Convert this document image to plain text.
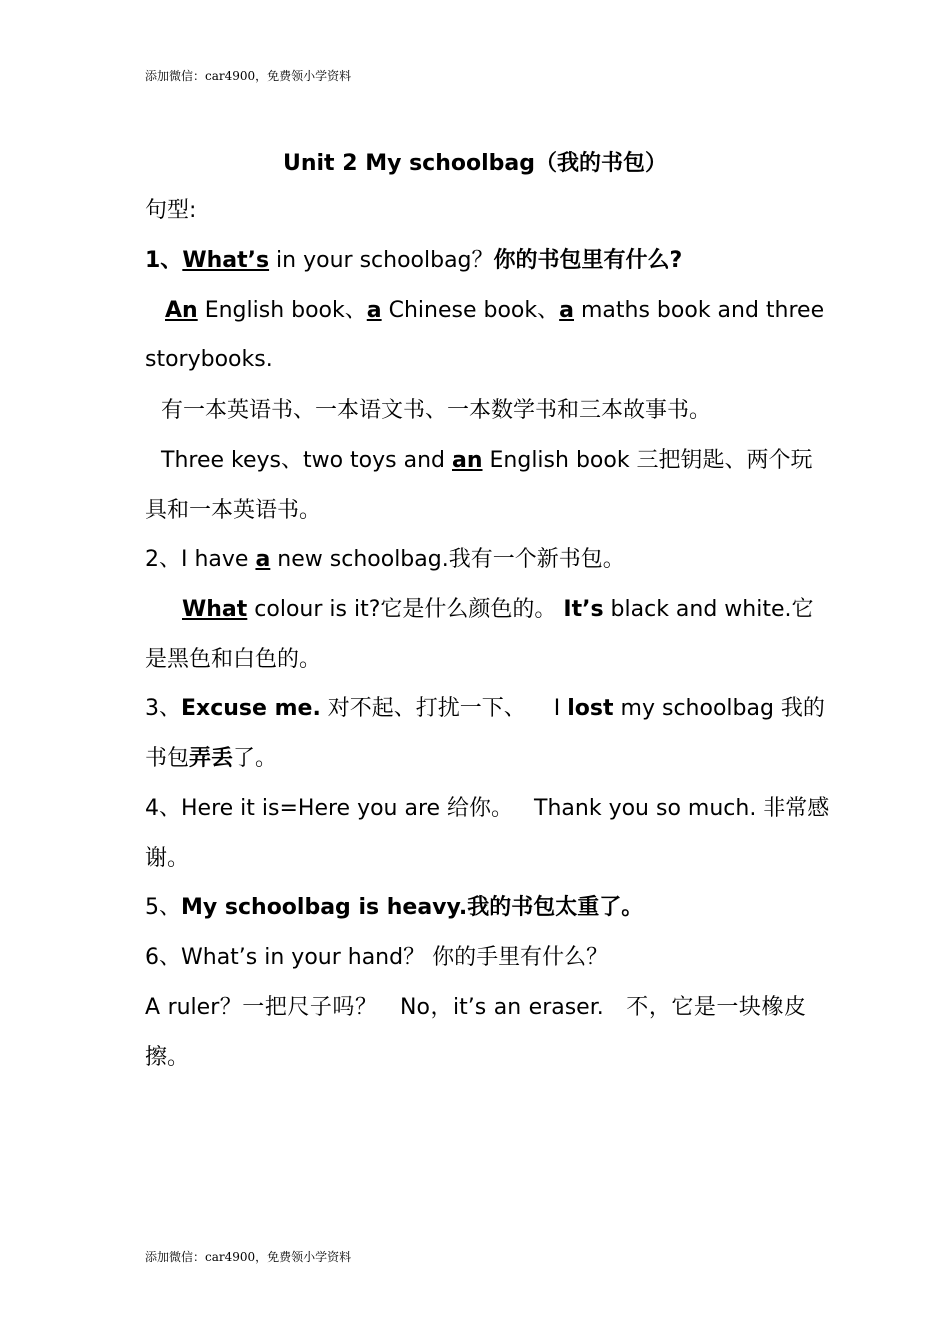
添加微信：car4900，免费领小学资料
Unit 2 My schoolbag（我的书包）
句型:
1、What’s in your schoolbag？你的书包里有什么?
An English book、a Chinese book、a maths book and three
storybooks.
有一本英语书、一本语文书、一本数学书和三本故事书。
Three keys、two toys and an English book 三把钥匙、两个玩
具和一本英语书。
2、I have a new schoolbag.我有一个新书包。
What colour is it?它是什么颜色的。 It’s black and white.它
是黑色和白色的。
3、Excuse me. 对不起、打扰一下、    I lost my schoolbag 我的
书包弄丢了。
4、Here it is=Here you are 给你。   Thank you so much. 非常感
谢。
5、My schoolbag is heavy.我的书包太重了。
6、What’s in your hand？ 你的手里有什么？
A ruler？一把尺子吗？   No，it’s an eraser.   不，它是一块橡皮
擦。
添加微信：car4900，免费领小学资料
